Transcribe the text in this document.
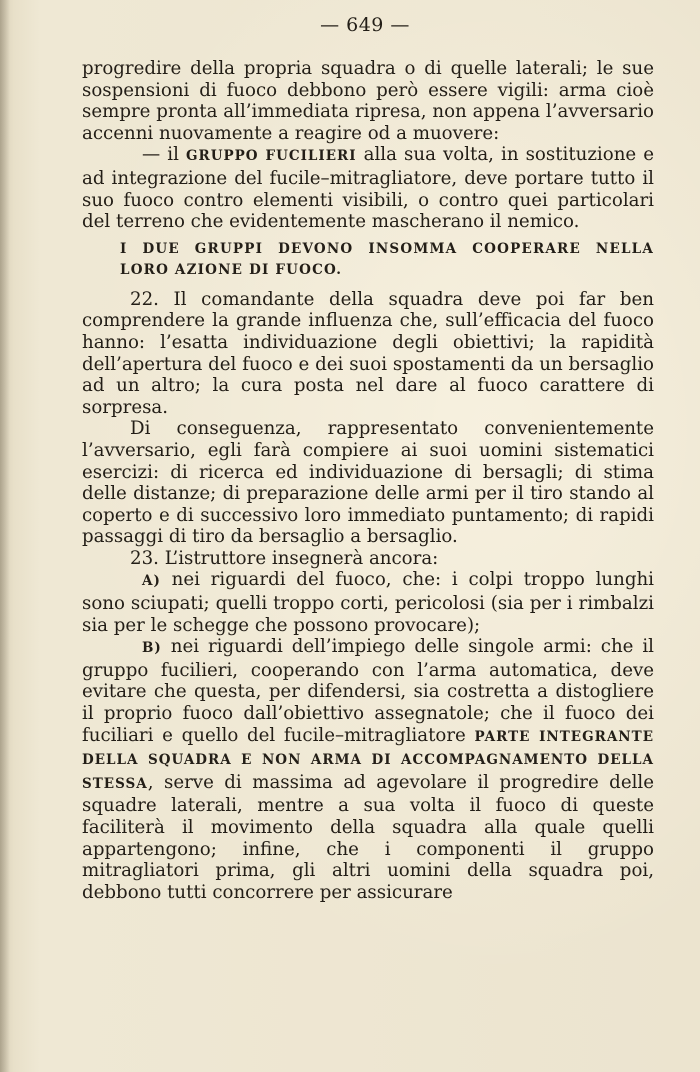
— 649 —

progredire della propria squadra o di quelle laterali; le sue sospensioni di fuoco debbono però essere vigili: arma cioè sempre pronta all’immediata ripresa, non appena l’avversario accenni nuovamente a reagire od a muovere:

— il GRUPPO FUCILIERI alla sua volta, in sostituzione e ad integrazione del fucile–mitragliatore, deve portare tutto il suo fuoco contro elementi visibili, o contro quei particolari del terreno che evidentemente mascherano il nemico.

I DUE GRUPPI DEVONO INSOMMA COOPERARE NELLA LORO AZIONE DI FUOCO.

22. Il comandante della squadra deve poi far ben comprendere la grande influenza che, sull’efficacia del fuoco hanno: l’esatta individuazione degli obiettivi; la rapidità dell’apertura del fuoco e dei suoi spostamenti da un bersaglio ad un altro; la cura posta nel dare al fuoco carattere di sorpresa.

Di conseguenza, rappresentato convenientemente l’avversario, egli farà compiere ai suoi uomini sistematici esercizi: di ricerca ed individuazione di bersagli; di stima delle distanze; di preparazione delle armi per il tiro stando al coperto e di successivo loro immediato puntamento; di rapidi passaggi di tiro da bersaglio a bersaglio.

23. L’istruttore insegnerà ancora:

A) nei riguardi del fuoco, che: i colpi troppo lunghi sono sciupati; quelli troppo corti, pericolosi (sia per i rimbalzi sia per le schegge che possono provocare);

B) nei riguardi dell’impiego delle singole armi: che il gruppo fucilieri, cooperando con l’arma automatica, deve evitare che questa, per difendersi, sia costretta a distogliere il proprio fuoco dall’obiettivo assegnatole; che il fuoco dei fuciliari e quello del fucile–mitragliatore PARTE INTEGRANTE DELLA SQUADRA E NON ARMA DI ACCOMPAGNAMENTO DELLA STESSA, serve di massima ad agevolare il progredire delle squadre laterali, mentre a sua volta il fuoco di queste faciliterà il movimento della squadra alla quale quelli appartengono; infine, che i componenti il gruppo mitragliatori prima, gli altri uomini della squadra poi, debbono tutti concorrere per assicurare
